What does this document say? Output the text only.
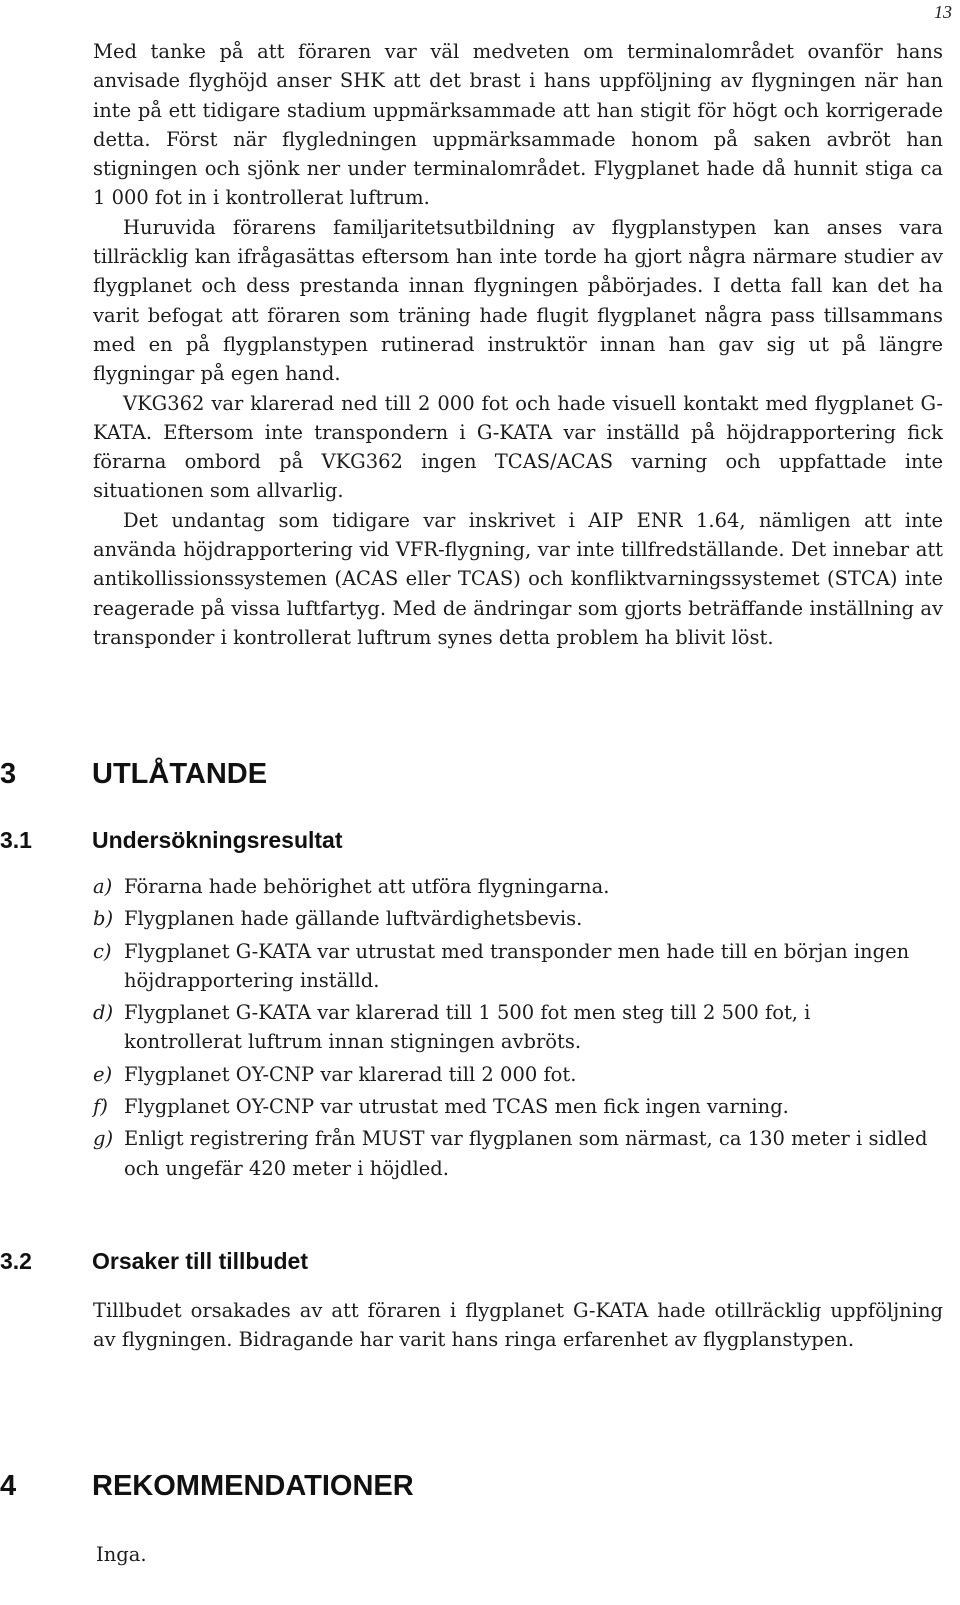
13

Med tanke på att föraren var väl medveten om terminalområdet ovanför hans anvisade flyghöjd anser SHK att det brast i hans uppföljning av flygningen när han inte på ett tidigare stadium uppmärksammade att han stigit för högt och korrigerade detta. Först när flygledningen uppmärksammade honom på saken avbröt han stigningen och sjönk ner under terminalområdet. Flygplanet hade då hunnit stiga ca 1 000 fot in i kontrollerat luftrum.

Huruvida förarens familjaritetsutbildning av flygplanstypen kan anses vara tillräcklig kan ifrågasättas eftersom han inte torde ha gjort några närmare studier av flygplanet och dess prestanda innan flygningen påbörjades. I detta fall kan det ha varit befogat att föraren som träning hade flugit flygplanet några pass tillsammans med en på flygplanstypen rutinerad instruktör innan han gav sig ut på längre flygningar på egen hand.

VKG362 var klarerad ned till 2 000 fot och hade visuell kontakt med flygplanet G-KATA. Eftersom inte transpondern i G-KATA var inställd på höjdrapportering fick förarna ombord på VKG362 ingen TCAS/ACAS varning och uppfattade inte situationen som allvarlig.

Det undantag som tidigare var inskrivet i AIP ENR 1.64, nämligen att inte använda höjdrapportering vid VFR-flygning, var inte tillfredställande. Det innebar att antikollissionssystemen (ACAS eller TCAS) och konfliktvarningssystemet (STCA) inte reagerade på vissa luftfartyg. Med de ändringar som gjorts beträffande inställning av transponder i kontrollerat luftrum synes detta problem ha blivit löst.

3	UTLÅTANDE
3.1	Undersökningsresultat
a) Förarna hade behörighet att utföra flygningarna.
b) Flygplanen hade gällande luftvärdighetsbevis.
c) Flygplanet G-KATA var utrustat med transponder men hade till en början ingen höjdrapportering inställd.
d) Flygplanet G-KATA var klarerad till 1 500 fot men steg till 2 500 fot, i kontrollerat luftrum innan stigningen avbröts.
e) Flygplanet OY-CNP var klarerad till 2 000 fot.
f) Flygplanet OY-CNP var utrustat med TCAS men fick ingen varning.
g) Enligt registrering från MUST var flygplanen som närmast, ca 130 meter i sidled och ungefär 420 meter i höjdled.
3.2	Orsaker till tillbudet

Tillbudet orsakades av att föraren i flygplanet G-KATA hade otillräcklig uppföljning av flygningen. Bidragande har varit hans ringa erfarenhet av flygplanstypen.

4	REKOMMENDATIONER

Inga.
